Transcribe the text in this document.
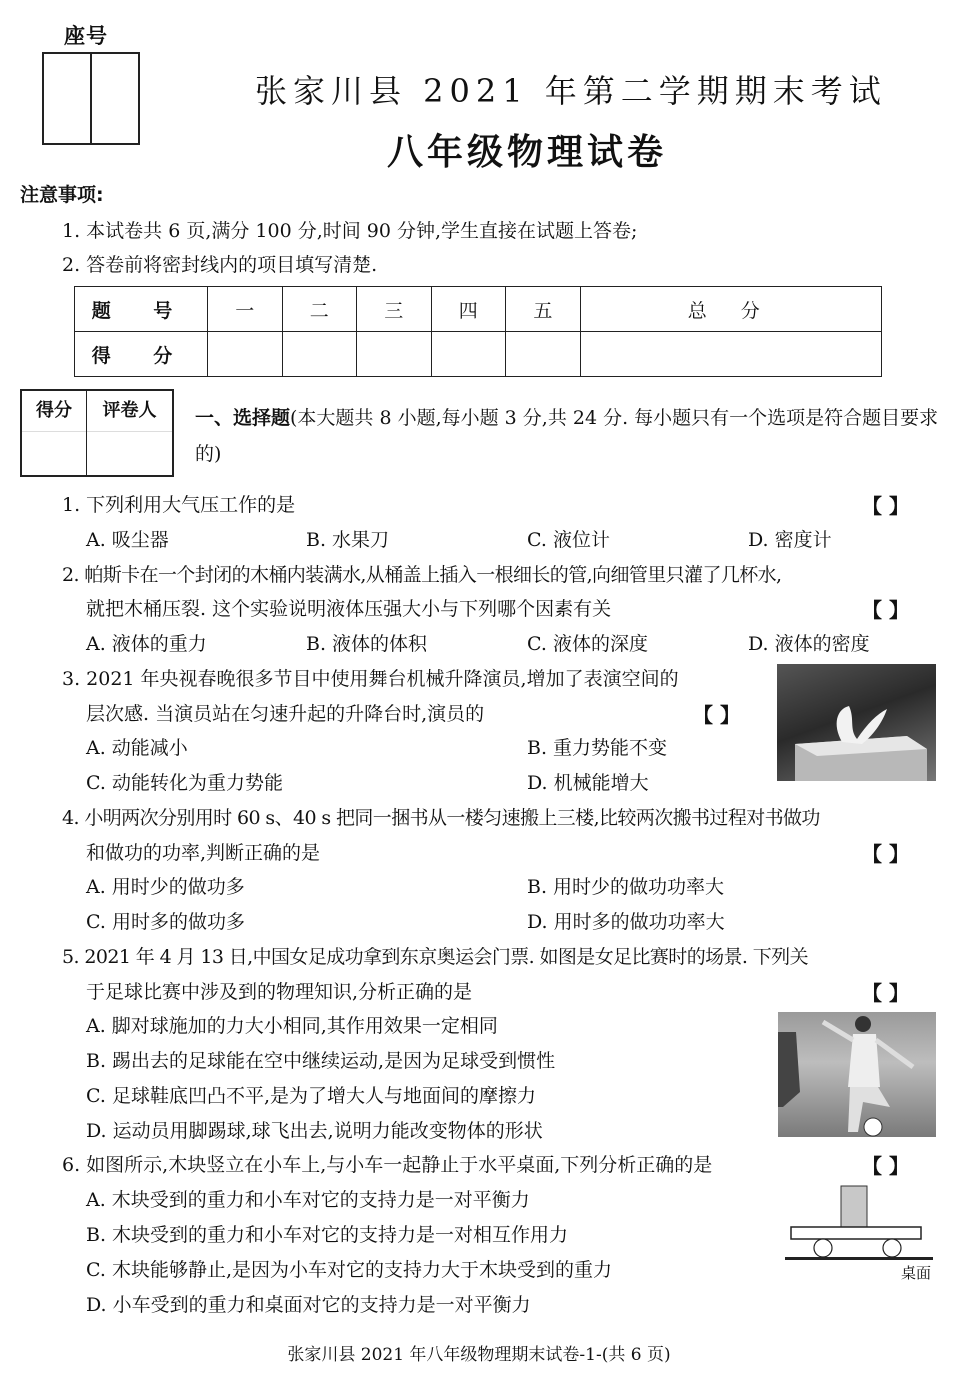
座号
张家川县 2021 年第二学期期末考试
八年级物理试卷
注意事项:
1. 本试卷共 6 页,满分 100 分,时间 90 分钟,学生直接在试题上答卷;
2. 答卷前将密封线内的项目填写清楚.
题 号	一	二	三	四	五	总 分
得 分						
得分	评卷人	一、选择题(本大题共 8 小题,每小题 3 分,共 24 分. 每小题只有一个选项是符合题目要求的)
1. 下列利用大气压工作的是	【 】
A. 吸尘器	B. 水果刀	C. 液位计	D. 密度计
2. 帕斯卡在一个封闭的木桶内装满水,从桶盖上插入一根细长的管,向细管里只灌了几杯水,
就把木桶压裂. 这个实验说明液体压强大小与下列哪个因素有关	【 】
A. 液体的重力	B. 液体的体积	C. 液体的深度	D. 液体的密度
3. 2021 年央视春晚很多节目中使用舞台机械升降演员,增加了表演空间的
层次感. 当演员站在匀速升起的升降台时,演员的	【 】
A. 动能减小	B. 重力势能不变
C. 动能转化为重力势能	D. 机械能增大
4. 小明两次分别用时 60 s、40 s 把同一捆书从一楼匀速搬上三楼,比较两次搬书过程对书做功
和做功的功率,判断正确的是	【 】
A. 用时少的做功多	B. 用时少的做功功率大
C. 用时多的做功多	D. 用时多的做功功率大
5. 2021 年 4 月 13 日,中国女足成功拿到东京奥运会门票. 如图是女足比赛时的场景. 下列关
于足球比赛中涉及到的物理知识,分析正确的是	【 】
A. 脚对球施加的力大小相同,其作用效果一定相同
B. 踢出去的足球能在空中继续运动,是因为足球受到惯性
C. 足球鞋底凹凸不平,是为了增大人与地面间的摩擦力
D. 运动员用脚踢球,球飞出去,说明力能改变物体的形状
6. 如图所示,木块竖立在小车上,与小车一起静止于水平桌面,下列分析正确的是	【 】
A. 木块受到的重力和小车对它的支持力是一对平衡力
B. 木块受到的重力和小车对它的支持力是一对相互作用力
C. 木块能够静止,是因为小车对它的支持力大于木块受到的重力
D. 小车受到的重力和桌面对它的支持力是一对平衡力
桌面
张家川县 2021 年八年级物理期末试卷-1-(共 6 页)
